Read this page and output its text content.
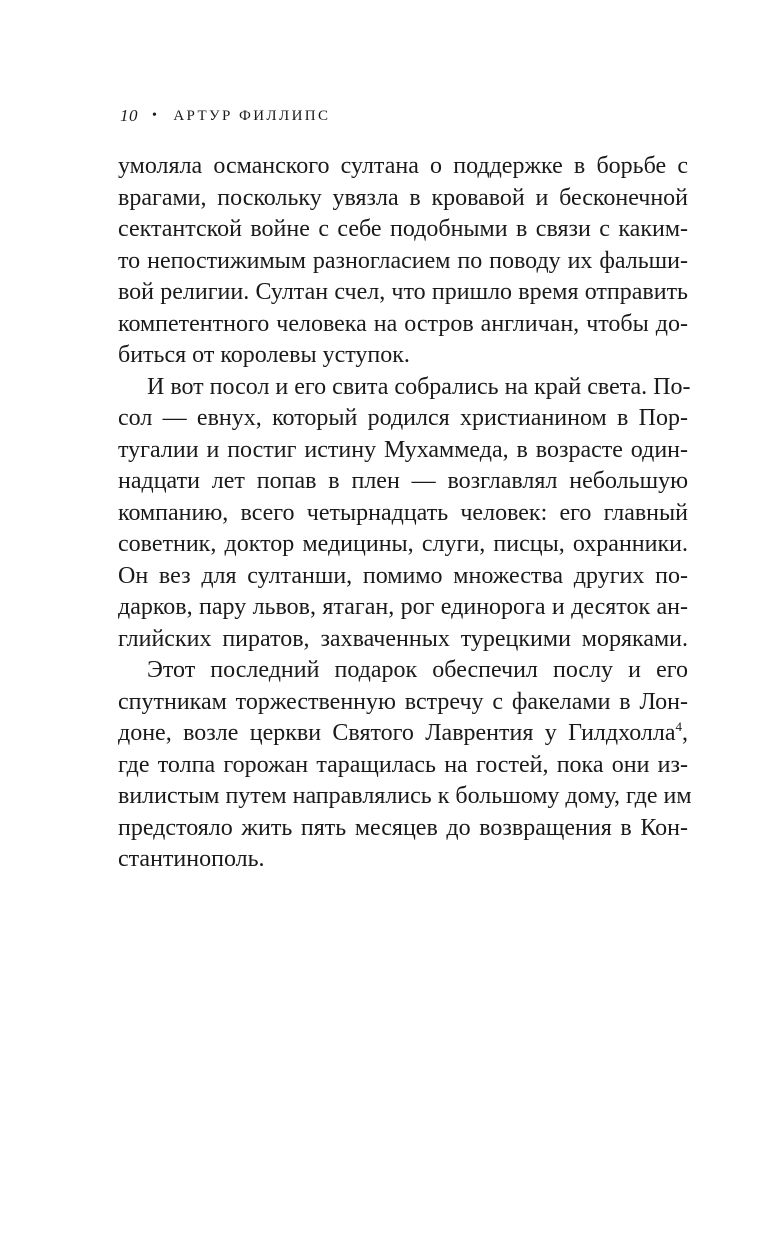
10 • АРТУР ФИЛЛИПС
умоляла османского султана о поддержке в борьбе с
врагами, поскольку увязла в кровавой и бесконечной
сектантской войне с себе подобными в связи с каким-
то непостижимым разногласием по поводу их фальши-
вой религии. Султан счел, что пришло время отправить
компетентного человека на остров англичан, чтобы до-
биться от королевы уступок.
И вот посол и его свита собрались на край света. По-
сол — евнух, который родился христианином в Пор-
тугалии и постиг истину Мухаммеда, в возрасте один-
надцати лет попав в плен — возглавлял небольшую
компанию, всего четырнадцать человек: его главный
советник, доктор медицины, слуги, писцы, охранники.
Он вез для султанши, помимо множества других по-
дарков, пару львов, ятаган, рог единорога и десяток ан-
глийских пиратов, захваченных турецкими моряками.
Этот последний подарок обеспечил послу и его
спутникам торжественную встречу с факелами в Лон-
доне, возле церкви Святого Лаврентия у Гилдхолла$^4$,
где толпа горожан таращилась на гостей, пока они из-
вилистым путем направлялись к большому дому, где им
предстояло жить пять месяцев до возвращения в Кон-
стантинополь.
